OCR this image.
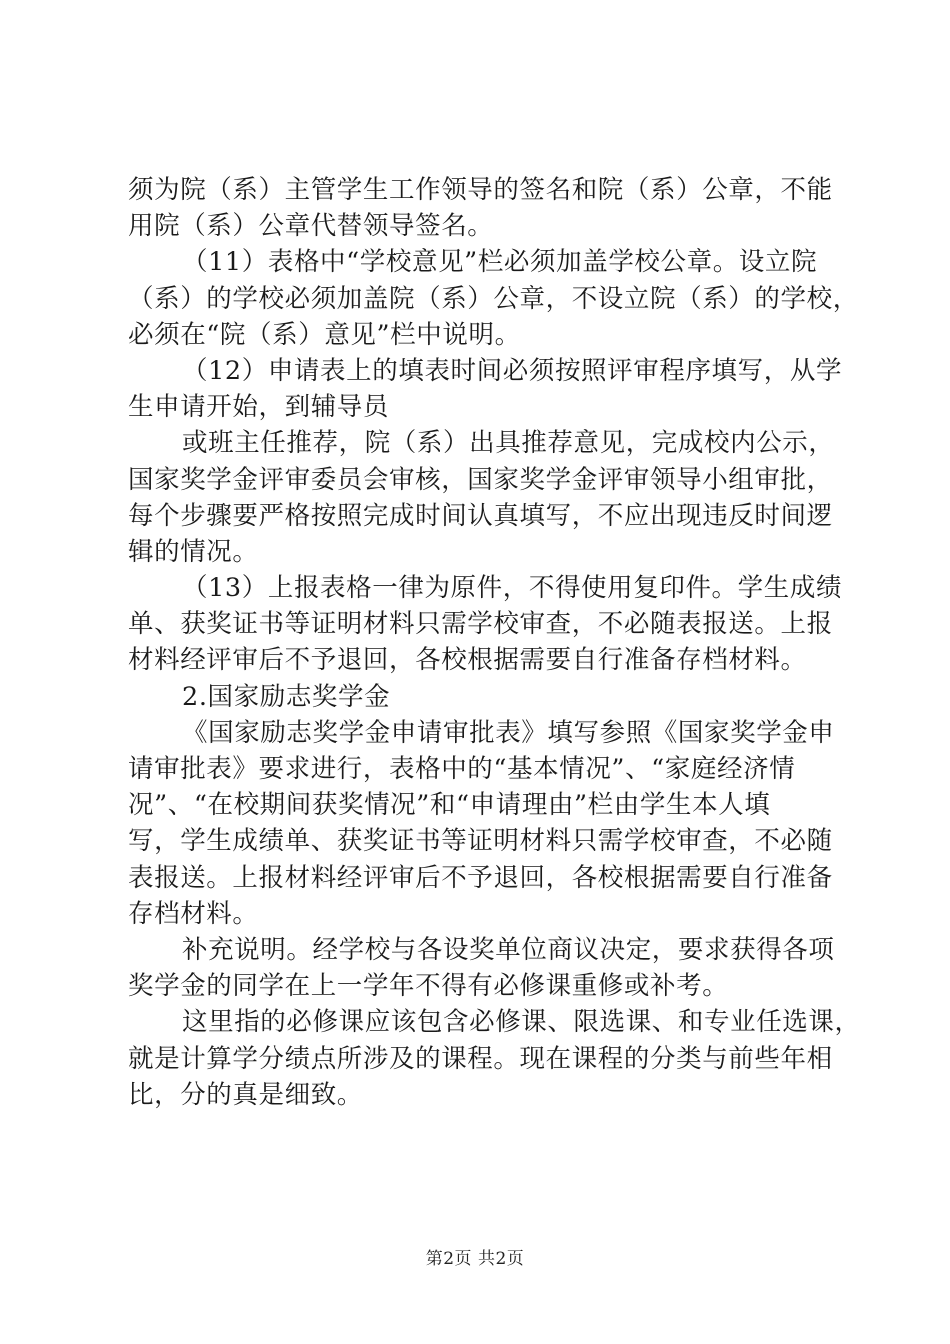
须为院（系）主管学生工作领导的签名和院（系）公章，不能
用院（系）公章代替领导签名。
（11）表格中“学校意见”栏必须加盖学校公章。设立院
（系）的学校必须加盖院（系）公章，不设立院（系）的学校，
必须在“院（系）意见”栏中说明。
（12）申请表上的填表时间必须按照评审程序填写，从学
生申请开始，到辅导员
或班主任推荐，院（系）出具推荐意见，完成校内公示，
国家奖学金评审委员会审核，国家奖学金评审领导小组审批，
每个步骤要严格按照完成时间认真填写，不应出现违反时间逻
辑的情况。
（13）上报表格一律为原件，不得使用复印件。学生成绩
单、获奖证书等证明材料只需学校审查，不必随表报送。上报
材料经评审后不予退回，各校根据需要自行准备存档材料。
2.国家励志奖学金
《国家励志奖学金申请审批表》填写参照《国家奖学金申
请审批表》要求进行，表格中的“基本情况”、“家庭经济情
况”、“在校期间获奖情况”和“申请理由”栏由学生本人填
写，学生成绩单、获奖证书等证明材料只需学校审查，不必随
表报送。上报材料经评审后不予退回，各校根据需要自行准备
存档材料。
补充说明。经学校与各设奖单位商议决定，要求获得各项
奖学金的同学在上一学年不得有必修课重修或补考。
这里指的必修课应该包含必修课、限选课、和专业任选课，
就是计算学分绩点所涉及的课程。现在课程的分类与前些年相
比，分的真是细致。
第2页 共2页
